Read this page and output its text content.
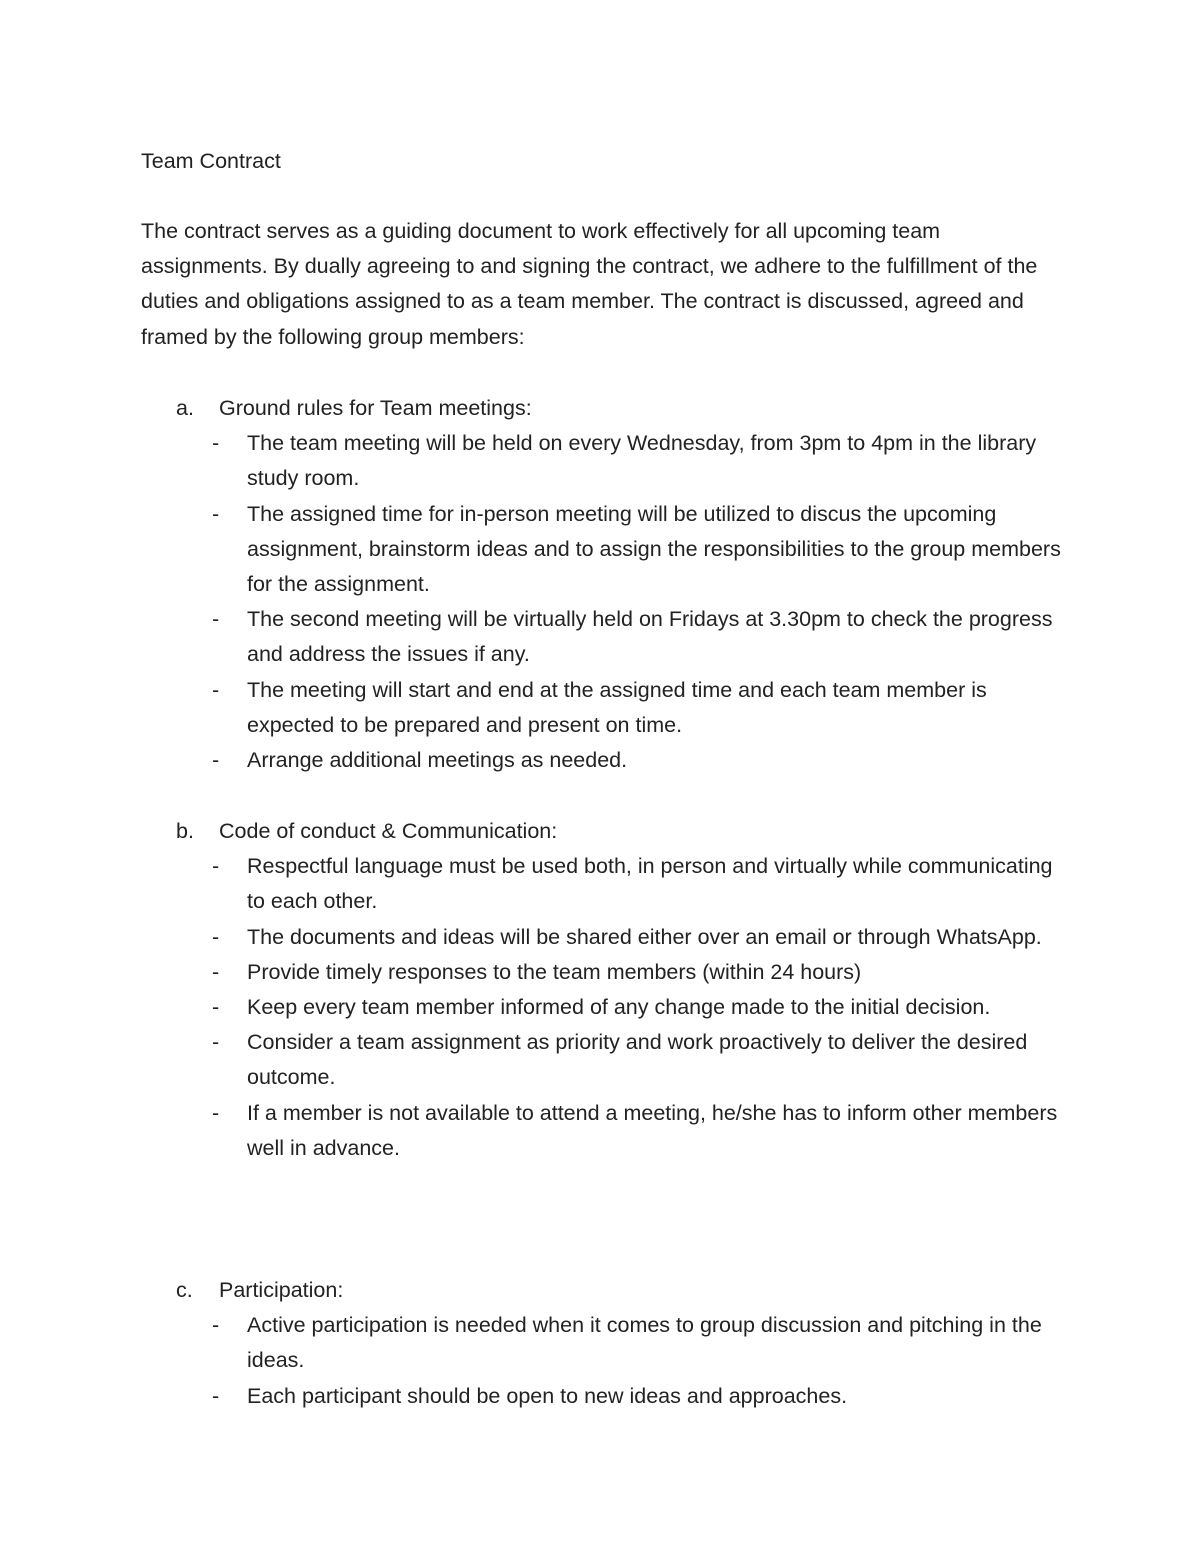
Team Contract

The contract serves as a guiding document to work effectively for all upcoming team assignments. By dually agreeing to and signing the contract, we adhere to the fulfillment of the duties and obligations assigned to as a team member. The contract is discussed, agreed and framed by the following group members:

a.	Ground rules for Team meetings:
- The team meeting will be held on every Wednesday, from 3pm to 4pm in the library study room.
- The assigned time for in-person meeting will be utilized to discus the upcoming assignment, brainstorm ideas and to assign the responsibilities to the group members for the assignment.
- The second meeting will be virtually held on Fridays at 3.30pm to check the progress and address the issues if any.
- The meeting will start and end at the assigned time and each team member is expected to be prepared and present on time.
- Arrange additional meetings as needed.
b.	Code of conduct & Communication:
- Respectful language must be used both, in person and virtually while communicating to each other.
- The documents and ideas will be shared either over an email or through WhatsApp.
- Provide timely responses to the team members (within 24 hours)
- Keep every team member informed of any change made to the initial decision.
- Consider a team assignment as priority and work proactively to deliver the desired outcome.
- If a member is not available to attend a meeting, he/she has to inform other members well in advance.
c.	Participation:
- Active participation is needed when it comes to group discussion and pitching in the ideas.
- Each participant should be open to new ideas and approaches.
